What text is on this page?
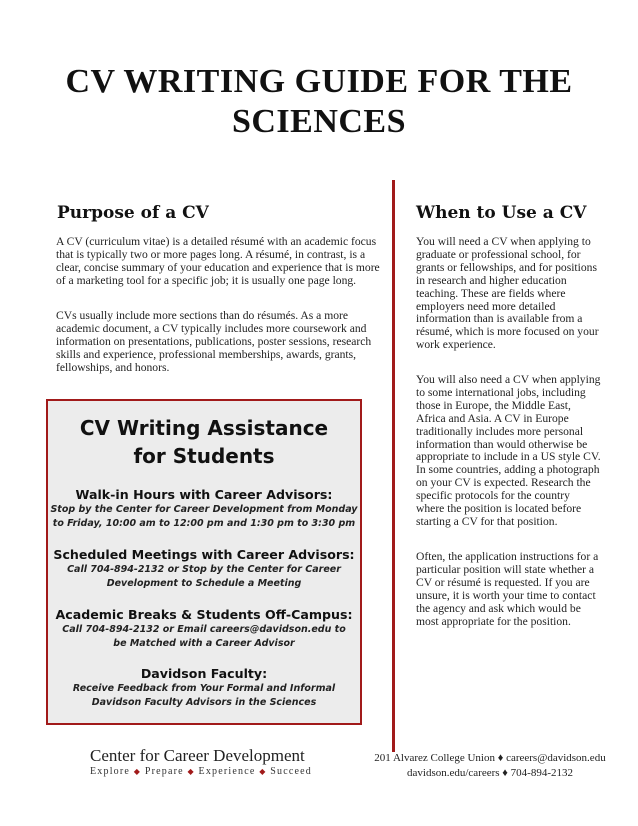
CV WRITING GUIDE FOR THE SCIENCES
Purpose of a CV

A CV (curriculum vitae) is a detailed résumé with an academic focus that is typically two or more pages long. A résumé, in contrast, is a clear, concise summary of your education and experience that is more of a marketing tool for a specific job; it is usually one page long.

CVs usually include more sections than do résumés. As a more academic document, a CV typically includes more coursework and information on presentations, publications, poster sessions, research skills and experience, professional memberships, awards, grants, fellowships, and honors.

When to Use a CV

You will need a CV when applying to graduate or professional school, for grants or fellowships, and for positions in research and higher education teaching. These are fields where employers need more detailed information than is available from a résumé, which is more focused on your work experience.

You will also need a CV when applying to some international jobs, including those in Europe, the Middle East, Africa and Asia. A CV in Europe traditionally includes more personal information than would otherwise be appropriate to include in a US style CV. In some countries, adding a photograph on your CV is expected. Research the specific protocols for the country where the position is located before starting a CV for that position.

Often, the application instructions for a particular position will state whether a CV or résumé is requested. If you are unsure, it is worth your time to contact the agency and ask which would be most appropriate for the position.

CV Writing Assistance
for Students
Walk-in Hours with Career Advisors:
Stop by the Center for Career Development from Monday
to Friday, 10:00 am to 12:00 pm and 1:30 pm to 3:30 pm
Scheduled Meetings with Career Advisors:
Call 704-894-2132 or Stop by the Center for Career
Development to Schedule a Meeting
Academic Breaks & Students Off-Campus:
Call 704-894-2132 or Email careers@davidson.edu to
be Matched with a Career Advisor
Davidson Faculty:
Receive Feedback from Your Formal and Informal
Davidson Faculty Advisors in the Sciences
Center for Career Development
Explore ◆ Prepare ◆ Experience ◆ Succeed
201 Alvarez College Union ♦ careers@davidson.edu
davidson.edu/careers ♦ 704-894-2132
